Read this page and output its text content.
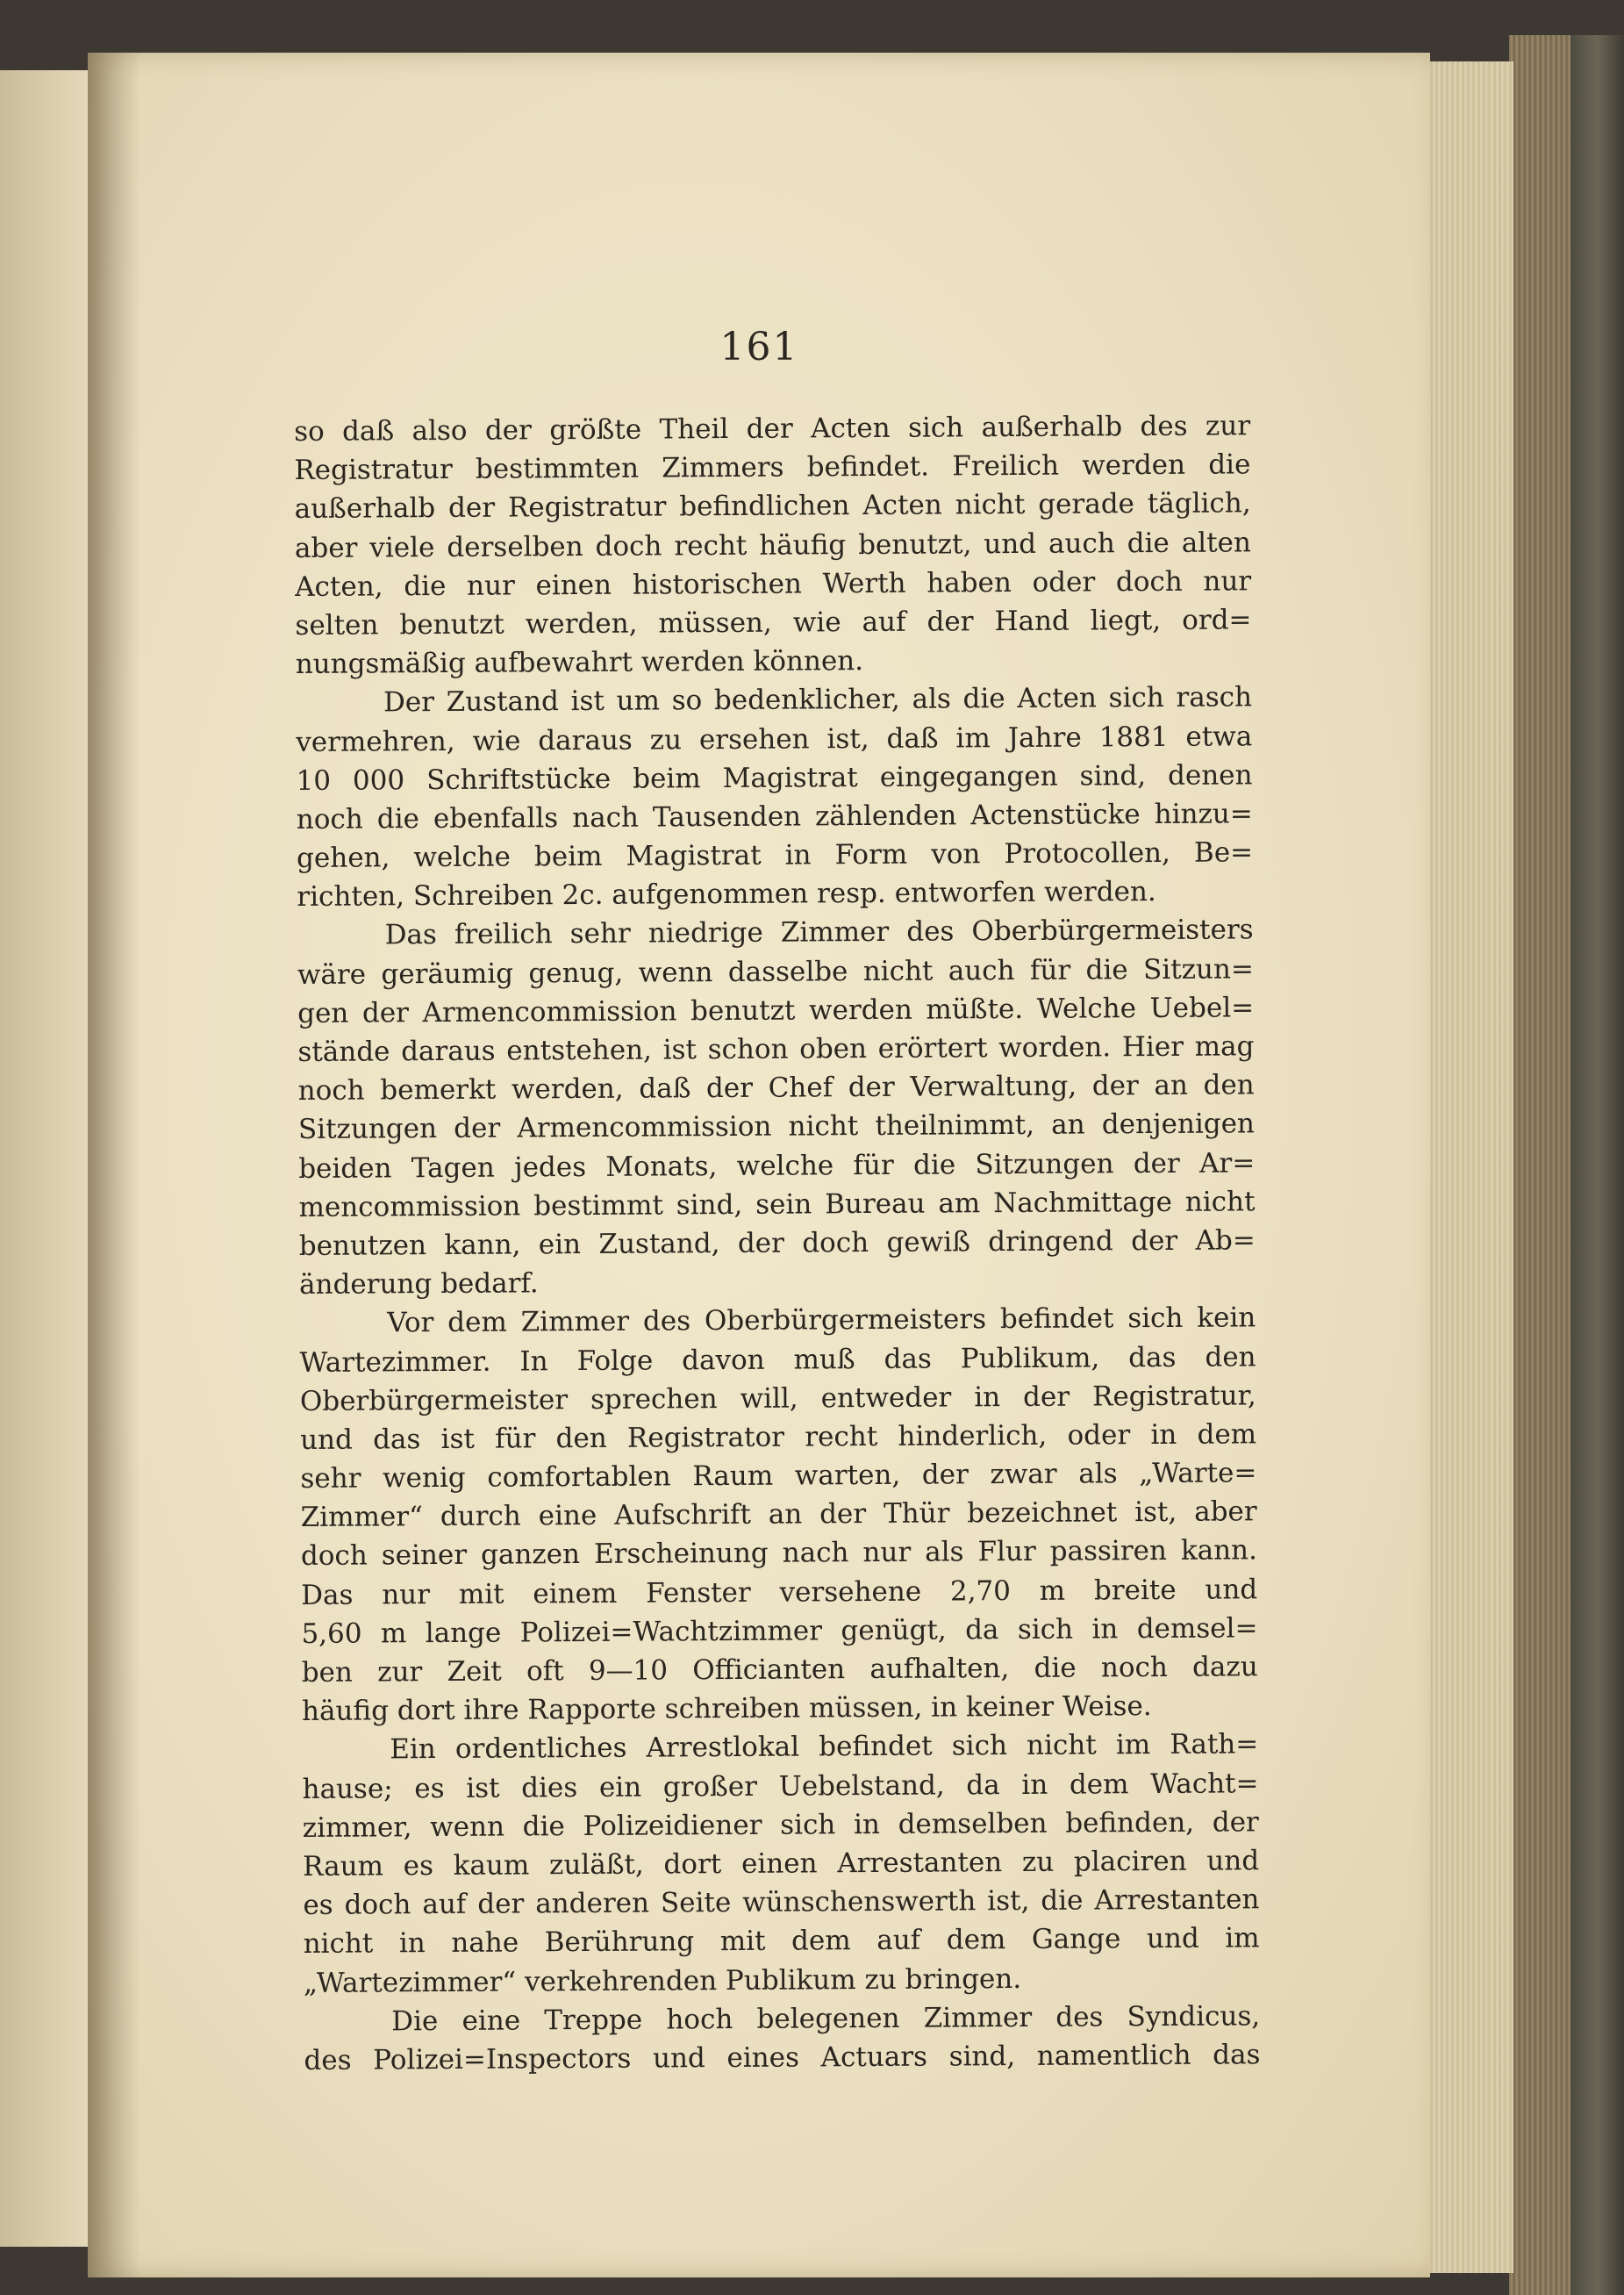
161
so daß also der größte Theil der Acten sich außerhalb des zur
Registratur bestimmten Zimmers befindet. Freilich werden die
außerhalb der Registratur befindlichen Acten nicht gerade täglich,
aber viele derselben doch recht häufig benutzt, und auch die alten
Acten, die nur einen historischen Werth haben oder doch nur
selten benutzt werden, müssen, wie auf der Hand liegt, ord=
nungsmäßig aufbewahrt werden können.
Der Zustand ist um so bedenklicher, als die Acten sich rasch
vermehren, wie daraus zu ersehen ist, daß im Jahre 1881 etwa
10 000 Schriftstücke beim Magistrat eingegangen sind, denen
noch die ebenfalls nach Tausenden zählenden Actenstücke hinzu=
gehen, welche beim Magistrat in Form von Protocollen, Be=
richten, Schreiben 2c. aufgenommen resp. entworfen werden.
Das freilich sehr niedrige Zimmer des Oberbürgermeisters
wäre geräumig genug, wenn dasselbe nicht auch für die Sitzun=
gen der Armencommission benutzt werden müßte. Welche Uebel=
stände daraus entstehen, ist schon oben erörtert worden. Hier mag
noch bemerkt werden, daß der Chef der Verwaltung, der an den
Sitzungen der Armencommission nicht theilnimmt, an denjenigen
beiden Tagen jedes Monats, welche für die Sitzungen der Ar=
mencommission bestimmt sind, sein Bureau am Nachmittage nicht
benutzen kann, ein Zustand, der doch gewiß dringend der Ab=
änderung bedarf.
Vor dem Zimmer des Oberbürgermeisters befindet sich kein
Wartezimmer. In Folge davon muß das Publikum, das den
Oberbürgermeister sprechen will, entweder in der Registratur,
und das ist für den Registrator recht hinderlich, oder in dem
sehr wenig comfortablen Raum warten, der zwar als „Warte=
Zimmer“ durch eine Aufschrift an der Thür bezeichnet ist, aber
doch seiner ganzen Erscheinung nach nur als Flur passiren kann.
Das nur mit einem Fenster versehene 2,70 m breite und
5,60 m lange Polizei=Wachtzimmer genügt, da sich in demsel=
ben zur Zeit oft 9—10 Officianten aufhalten, die noch dazu
häufig dort ihre Rapporte schreiben müssen, in keiner Weise.
Ein ordentliches Arrestlokal befindet sich nicht im Rath=
hause; es ist dies ein großer Uebelstand, da in dem Wacht=
zimmer, wenn die Polizeidiener sich in demselben befinden, der
Raum es kaum zuläßt, dort einen Arrestanten zu placiren und
es doch auf der anderen Seite wünschenswerth ist, die Arrestanten
nicht in nahe Berührung mit dem auf dem Gange und im
„Wartezimmer“ verkehrenden Publikum zu bringen.
Die eine Treppe hoch belegenen Zimmer des Syndicus,
des Polizei=Inspectors und eines Actuars sind, namentlich das
